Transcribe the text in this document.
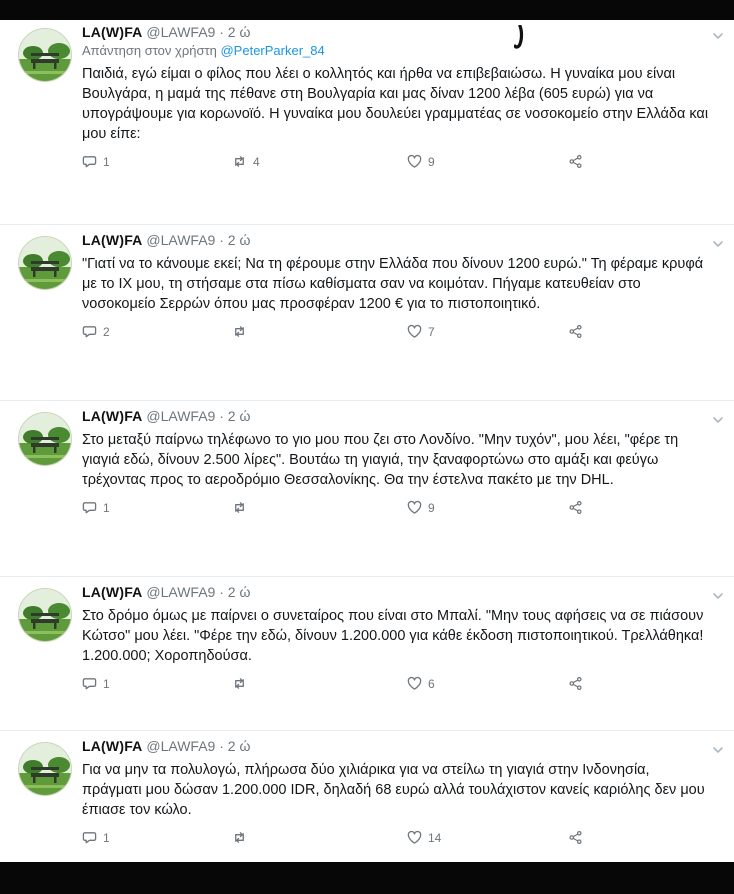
LA(W)FA @LAWFA9 · 2 ώ
Απάντηση στον χρήστη @PeterParker_84
Παιδιά, εγώ είμαι ο φίλος που λέει ο κολλητός και ήρθα να επιβεβαιώσω. Η γυναίκα μου είναι Βουλγάρα, η μαμά της πέθανε στη Βουλγαρία και μας δίναν 1200 λέβα (605 ευρώ) για να υπογράψουμε για κορωνοϊό. Η γυναίκα μου δουλεύει γραμματέας σε νοσοκομείο στην Ελλάδα και μου είπε:
1	4	9
LA(W)FA @LAWFA9 · 2 ώ
"Γιατί να το κάνουμε εκεί; Να τη φέρουμε στην Ελλάδα που δίνουν 1200 ευρώ." Τη φέραμε κρυφά με το ΙΧ μου, τη στήσαμε στα πίσω καθίσματα σαν να κοιμόταν. Πήγαμε κατευθείαν στο νοσοκομείο Σερρών όπου μας προσφέραν 1200 € για το πιστοποιητικό.
2	7
LA(W)FA @LAWFA9 · 2 ώ
Στο μεταξύ παίρνω τηλέφωνο το γιο μου που ζει στο Λονδίνο. "Μην τυχόν", μου λέει, "φέρε τη γιαγιά εδώ, δίνουν 2.500 λίρες". Βουτάω τη γιαγιά, την ξαναφορτώνω στο αμάξι και φεύγω τρέχοντας προς το αεροδρόμιο Θεσσαλονίκης. Θα την έστελνα πακέτο με την DHL.
1	9
LA(W)FA @LAWFA9 · 2 ώ
Στο δρόμο όμως με παίρνει ο συνεταίρος που είναι στο Μπαλί. "Μην τους αφήσεις να σε πιάσουν Κώτσο" μου λέει. "Φέρε την εδώ, δίνουν 1.200.000 για κάθε έκδοση πιστοποιητικού. Τρελλάθηκα! 1.200.000; Χοροπηδούσα.
1	6
LA(W)FA @LAWFA9 · 2 ώ
Για να μην τα πολυλογώ, πλήρωσα δύο χιλιάρικα για να στείλω τη γιαγιά στην Ινδονησία, πράγματι μου δώσαν 1.200.000 IDR, δηλαδή 68 ευρώ αλλά τουλάχιστον κανείς καριόλης δεν μου έπιασε τον κώλο.
1	14
